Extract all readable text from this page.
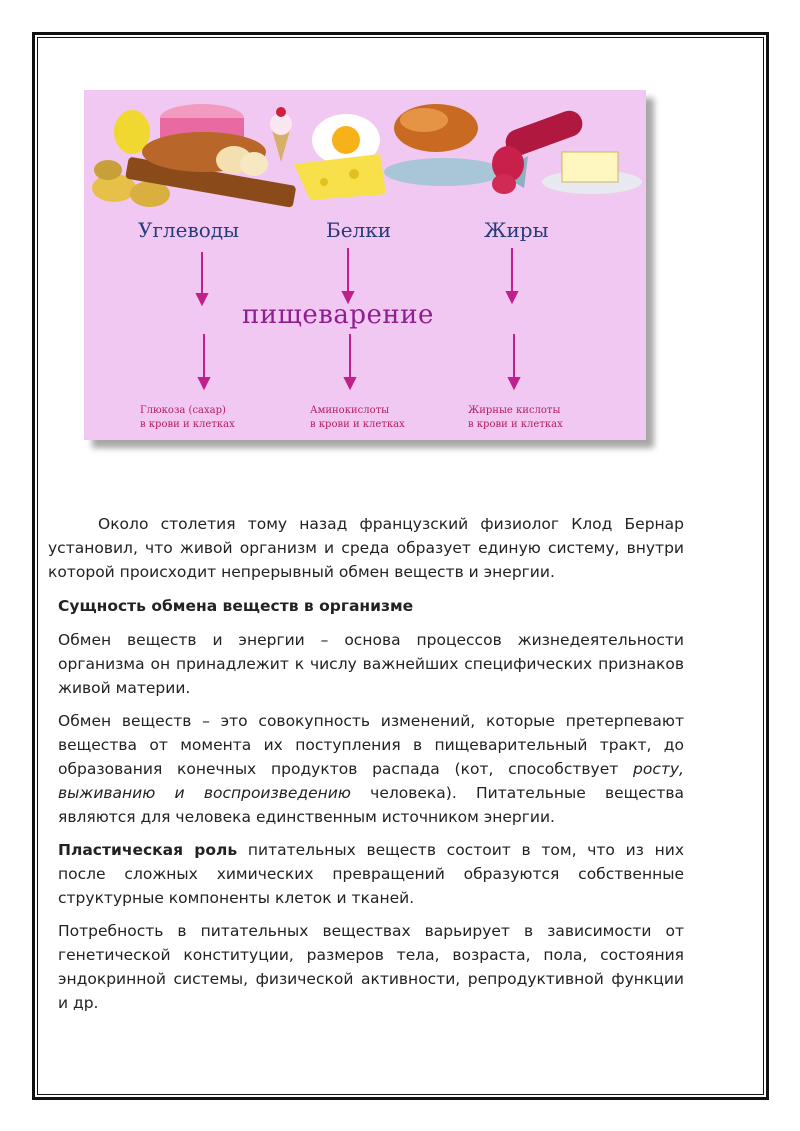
Углеводы	Белки	Жиры
пищеварение
Глюкоза (сахар)
в крови и клетках
Аминокислоты
в крови и клетках
Жирные кислоты
в крови и клетках
Около столетия тому назад французский физиолог Клод Бернар установил, что живой организм и среда образует единую систему, внутри которой происходит непрерывный обмен веществ и энергии.
Сущность обмена веществ в организме
Обмен веществ и энергии – основа процессов жизнедеятельности организма он принадлежит к числу важнейших специфических признаков живой материи.
Обмен веществ – это совокупность изменений, которые претерпевают вещества от момента их поступления в пищеварительный тракт, до образования конечных продуктов распада (кот, способствует росту, выживанию и воспроизведению человека). Питательные вещества являются для человека единственным источником энергии.
Пластическая роль питательных веществ состоит в том, что из них после сложных химических превращений образуются собственные структурные компоненты клеток и тканей.
Потребность в питательных веществах варьирует в зависимости от генетической конституции, размеров тела, возраста, пола, состояния эндокринной системы, физической активности, репродуктивной функции и др.
